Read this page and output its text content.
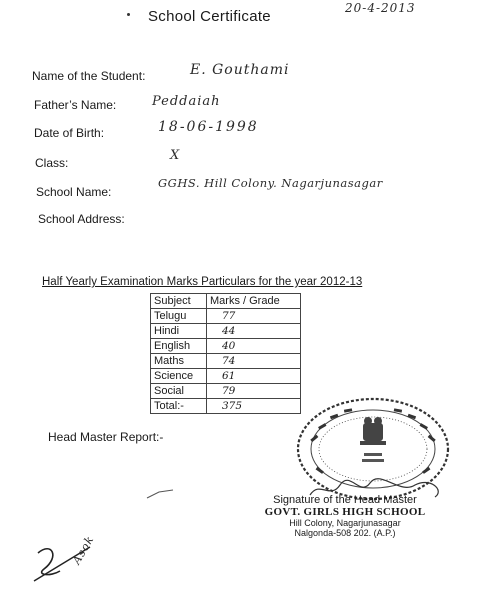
School Certificate	20-4-2013
Name of the Student:	E. Gouthami
Father’s Name:	Peddaiah
Date of Birth:	18-06-1998
Class:	X
School Name:
GGHS. Hill Colony. Nagarjunasagar
School Address:
Half Yearly Examination Marks Particulars for the year 2012-13
Subject	Marks / Grade
Telugu	77
Hindi	44
English	40
Maths	74
Science	61
Social	79
Total:-	375
Head Master Report:-
Signature of the Head Master
GOVT. GIRLS HIGH SCHOOL
Hill Colony, Nagarjunasagar
Nalgonda-508 202. (A.P.)
Asok
